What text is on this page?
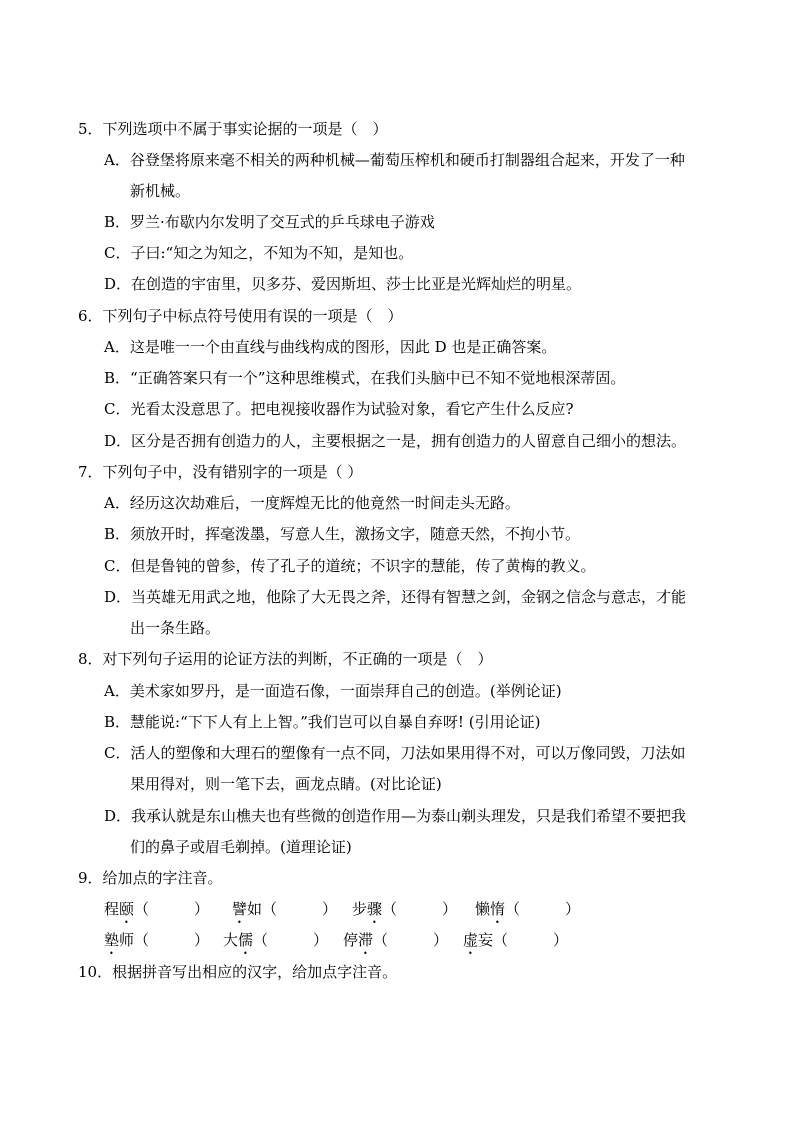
5．下列选项中不属于事实论据的一项是（　）
A．谷登堡将原来毫不相关的两种机械—葡萄压榨机和硬币打制器组合起来，开发了一种
新机械。
B．罗兰·布歇内尔发明了交互式的乒乓球电子游戏
C．子曰:“知之为知之，不知为不知，是知也。
D．在创造的宇宙里，贝多芬、爱因斯坦、莎士比亚是光辉灿烂的明星。
6．下列句子中标点符号使用有误的一项是（　）
A．这是唯一一个由直线与曲线构成的图形，因此 D 也是正确答案。
B．“正确答案只有一个”这种思维模式，在我们头脑中已不知不觉地根深蒂固。
C．光看太没意思了。把电视接收器作为试验对象，看它产生什么反应?
D．区分是否拥有创造力的人，主要根据之一是，拥有创造力的人留意自己细小的想法。
7．下列句子中，没有错别字的一项是（ ）
A．经历这次劫难后，一度辉煌无比的他竟然一时间走头无路。
B．须放开时，挥毫泼墨，写意人生，激扬文字，随意天然，不拘小节。
C．但是鲁钝的曾参，传了孔子的道统；不识字的慧能，传了黄梅的教义。
D．当英雄无用武之地，他除了大无畏之斧，还得有智慧之剑，金钢之信念与意志，才能
出一条生路。
8．对下列句子运用的论证方法的判断，不正确的一项是（　）
A．美术家如罗丹，是一面造石像，一面崇拜自己的创造。(举例论证)
B．慧能说:“下下人有上上智。”我们岂可以自暴自弃呀! (引用论证)
C．活人的塑像和大理石的塑像有一点不同，刀法如果用得不对，可以万像同毁，刀法如
果用得对，则一笔下去，画龙点睛。(对比论证)
D．我承认就是东山樵夫也有些微的创造作用—为泰山剃头理发，只是我们希望不要把我
们的鼻子或眉毛剃掉。(道理论证)
9．给加点的字注音。
程颐（　　　） 譬如（　　　） 步骤（　　　） 懒惰（　　　）
塾师（　　　） 大儒（　　　） 停滞（　　　） 虚妄（　　　）
10．根据拼音写出相应的汉字，给加点字注音。
